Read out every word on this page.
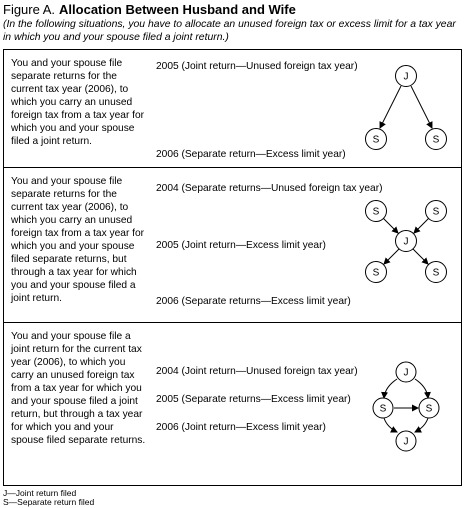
Figure A. Allocation Between Husband and Wife
(In the following situations, you have to allocate an unused foreign tax or excess limit for a tax year in which you and your spouse filed a joint return.)
You and your spouse file separate returns for the current tax year (2006), to which you carry an unused foreign tax from a tax year for which you and your spouse filed a joint return.
2005 (Joint return—Unused foreign tax year)
2006 (Separate return—Excess limit year)
J
S	S
You and your spouse file separate returns for the current tax year (2006), to which you carry an unused foreign tax from a tax year for which you and your spouse filed separate returns, but through a tax year for which you and your spouse filed a joint return.
2004 (Separate returns—Unused foreign tax year)
2005 (Joint return—Excess limit year)
2006 (Separate returns—Excess limit year)
S	S
J
S	S
You and your spouse file a joint return for the current tax year (2006), to which you carry an unused foreign tax from a tax year for which you and your spouse filed a joint return, but through a tax year for which you and your spouse filed separate returns.
2004 (Joint return—Unused foreign tax year)
2005 (Separate returns—Excess limit year)
2006 (Joint return—Excess limit year)
J
S	S
J
J—Joint return filed
S—Separate return filed
